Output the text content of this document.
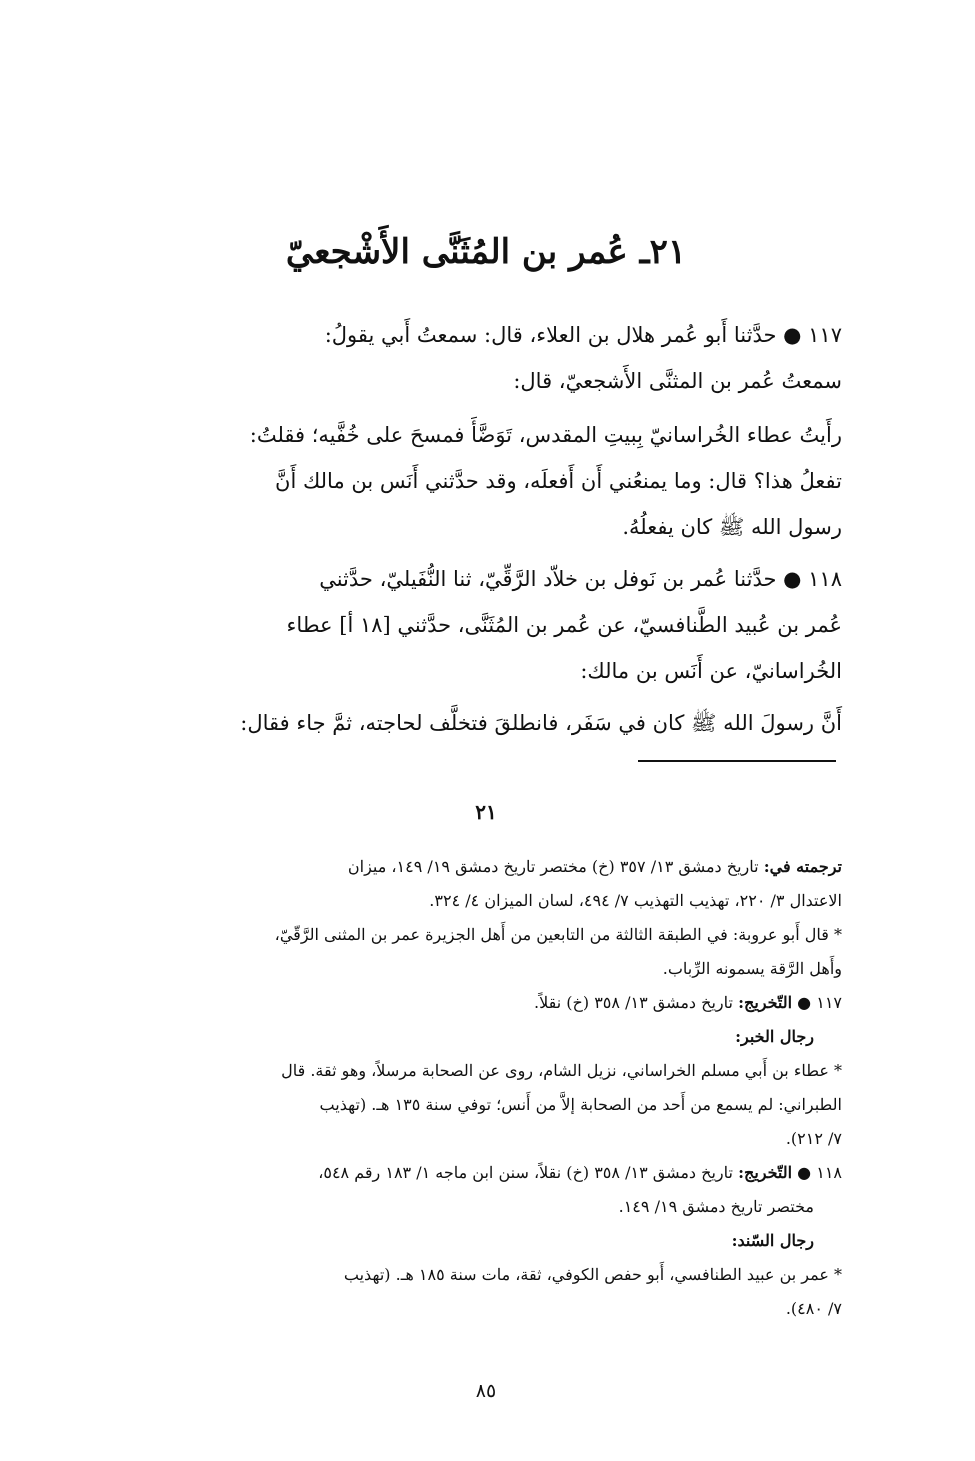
٢١ـ عُمر بن المُثَنَّى الأَشْجعيّ
١١٧ ● حدَّثنا أَبو عُمر هلال بن العلاء، قال: سمعتُ أَبي يقولُ:
سمعتُ عُمر بن المثنَّى الأَشجعيّ، قال:
رأَيتُ عطاء الخُراسانيّ بِبيتِ المقدس، تَوَضَّأَ فمسحَ على خُفَّيه؛ فقلتُ:
تفعلُ هذا؟ قال: وما يمنعُني أَن أَفعلَه، وقد حدَّثني أَنَس بن مالك أَنَّ
رسول الله ﷺ كان يفعلُهُ.
١١٨ ● حدَّثنا عُمر بن نَوفل بن خلاّد الرَّقِّيّ، ثنا النُّفَيليّ، حدَّثني
عُمر بن عُبيد الطَّنافسيّ، عن عُمر بن المُثَنَّى، حدَّثني [١٨ أ] عطاء
الخُراسانيّ، عن أَنَس بن مالك:
أَنَّ رسولَ الله ﷺ كان في سَفَر، فانطلقَ فتخلَّف لحاجته، ثمَّ جاء فقال:
٢١
ترجمته في: تاريخ دمشق ١٣/ ٣٥٧ (خ) مختصر تاريخ دمشق ١٩/ ١٤٩، ميزان
الاعتدال ٣/ ٢٢٠، تهذيب التهذيب ٧/ ٤٩٤، لسان الميزان ٤/ ٣٢٤.
* قال أَبو عروبة: في الطبقة الثالثة من التابعين من أَهل الجزيرة عمر بن المثنى الرَّقّيّ،
وأَهل الرَّقة يسمونه الرِّباب.
١١٧ ● التّخريج: تاريخ دمشق ١٣/ ٣٥٨ (خ) نقلاً.
رجال الخبر:
* عطاء بن أَبي مسلم الخراساني، نزيل الشام، روى عن الصحابة مرسلاً، وهو ثقة. قال
الطبراني: لم يسمع من أَحد من الصحابة إلاَّ من أَنس؛ توفي سنة ١٣٥ هـ. (تهذيب
٧/ ٢١٢).
١١٨ ● التّخريج: تاريخ دمشق ١٣/ ٣٥٨ (خ) نقلاً، سنن ابن ماجه ١/ ١٨٣ رقم ٥٤٨،
مختصر تاريخ دمشق ١٩/ ١٤٩.
رجال السّند:
* عمر بن عبيد الطنافسي، أَبو حفص الكوفي، ثقة، مات سنة ١٨٥ هـ. (تهذيب
٧/ ٤٨٠).
٨٥
